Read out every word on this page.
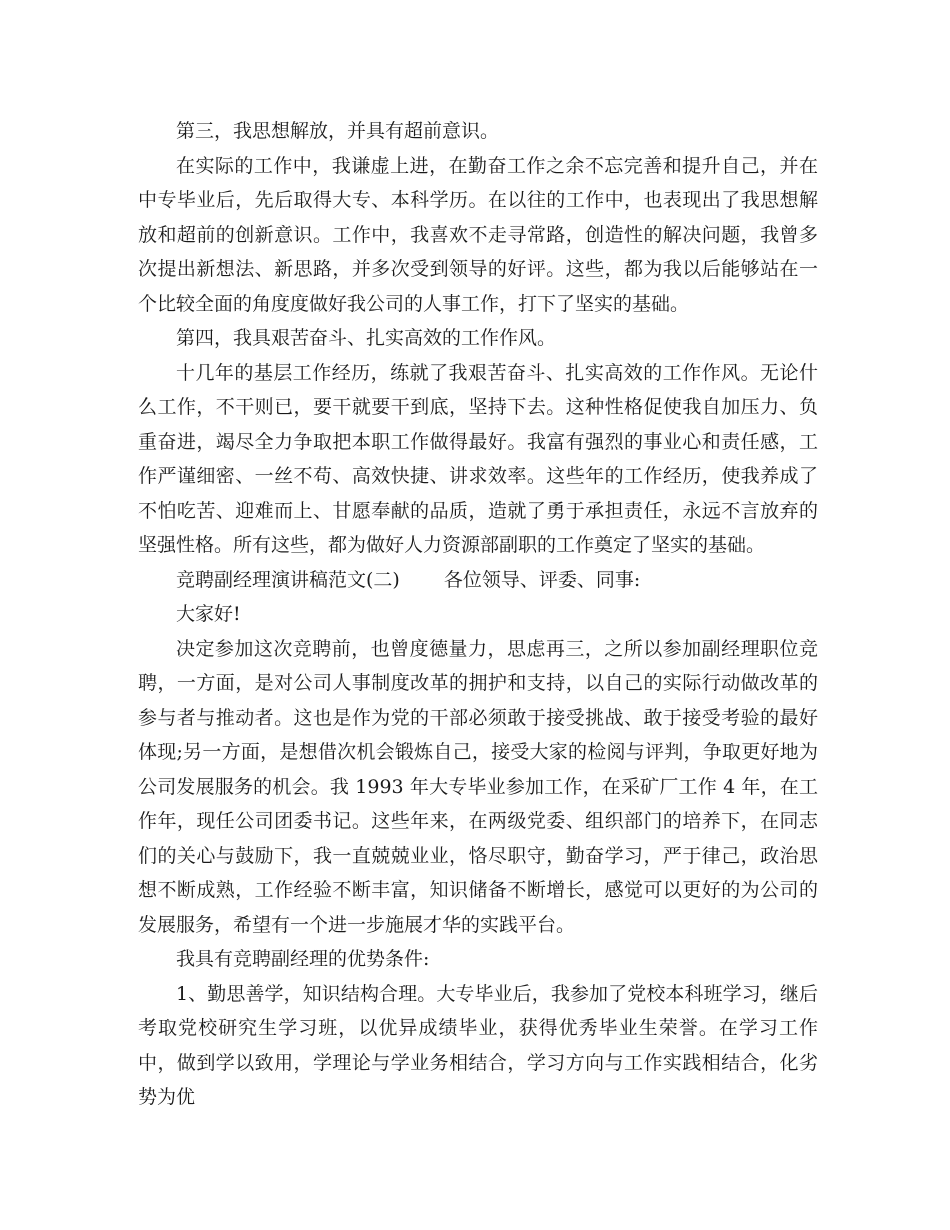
第三，我思想解放，并具有超前意识。

在实际的工作中，我谦虚上进，在勤奋工作之余不忘完善和提升自己，并在中专毕业后，先后取得大专、本科学历。在以往的工作中，也表现出了我思想解放和超前的创新意识。工作中，我喜欢不走寻常路，创造性的解决问题，我曾多次提出新想法、新思路，并多次受到领导的好评。这些，都为我以后能够站在一个比较全面的角度度做好我公司的人事工作，打下了坚实的基础。

第四，我具艰苦奋斗、扎实高效的工作作风。

十几年的基层工作经历，练就了我艰苦奋斗、扎实高效的工作作风。无论什么工作，不干则已，要干就要干到底，坚持下去。这种性格促使我自加压力、负重奋进，竭尽全力争取把本职工作做得最好。我富有强烈的事业心和责任感，工作严谨细密、一丝不苟、高效快捷、讲求效率。这些年的工作经历，使我养成了不怕吃苦、迎难而上、甘愿奉献的品质，造就了勇于承担责任，永远不言放弃的坚强性格。所有这些，都为做好人力资源部副职的工作奠定了坚实的基础。

竞聘副经理演讲稿范文(二) 各位领导、评委、同事:

大家好!

决定参加这次竞聘前，也曾度德量力，思虑再三，之所以参加副经理职位竞聘，一方面，是对公司人事制度改革的拥护和支持，以自己的实际行动做改革的参与者与推动者。这也是作为党的干部必须敢于接受挑战、敢于接受考验的最好体现;另一方面，是想借次机会锻炼自己，接受大家的检阅与评判，争取更好地为公司发展服务的机会。我 1993 年大专毕业参加工作，在采矿厂工作 4 年，在工作年，现任公司团委书记。这些年来，在两级党委、组织部门的培养下，在同志们的关心与鼓励下，我一直兢兢业业，恪尽职守，勤奋学习，严于律己，政治思想不断成熟，工作经验不断丰富，知识储备不断增长，感觉可以更好的为公司的发展服务，希望有一个进一步施展才华的实践平台。

我具有竞聘副经理的优势条件:

1、勤思善学，知识结构合理。大专毕业后，我参加了党校本科班学习，继后考取党校研究生学习班，以优异成绩毕业，获得优秀毕业生荣誉。在学习工作中，做到学以致用，学理论与学业务相结合，学习方向与工作实践相结合，化劣势为优
